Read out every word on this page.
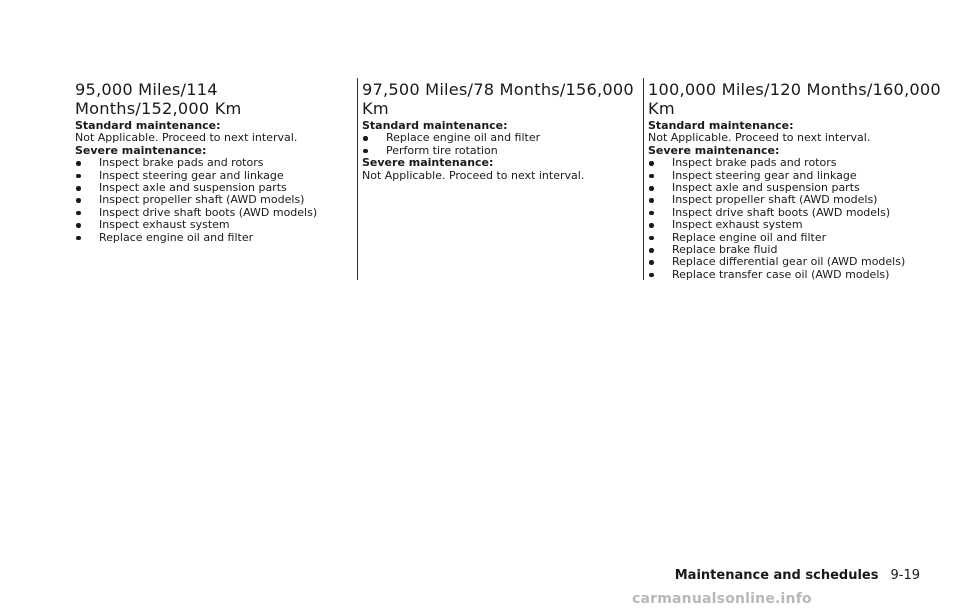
95,000 Miles/114 Months/152,000 Km

Standard maintenance:

Not Applicable. Proceed to next interval.

Severe maintenance:

Inspect brake pads and rotors
Inspect steering gear and linkage
Inspect axle and suspension parts
Inspect propeller shaft (AWD models)
Inspect drive shaft boots (AWD models)
Inspect exhaust system
Replace engine oil and filter
97,500 Miles/78 Months/156,000 Km

Standard maintenance:

Replace engine oil and filter
Perform tire rotation

Severe maintenance:

Not Applicable. Proceed to next interval.

100,000 Miles/120 Months/160,000 Km

Standard maintenance:

Not Applicable. Proceed to next interval.

Severe maintenance:

Inspect brake pads and rotors
Inspect steering gear and linkage
Inspect axle and suspension parts
Inspect propeller shaft (AWD models)
Inspect drive shaft boots (AWD models)
Inspect exhaust system
Replace engine oil and filter
Replace brake fluid
Replace differential gear oil (AWD models)
Replace transfer case oil (AWD models)
Maintenance and schedules 9-19
carmanualsonline.info
